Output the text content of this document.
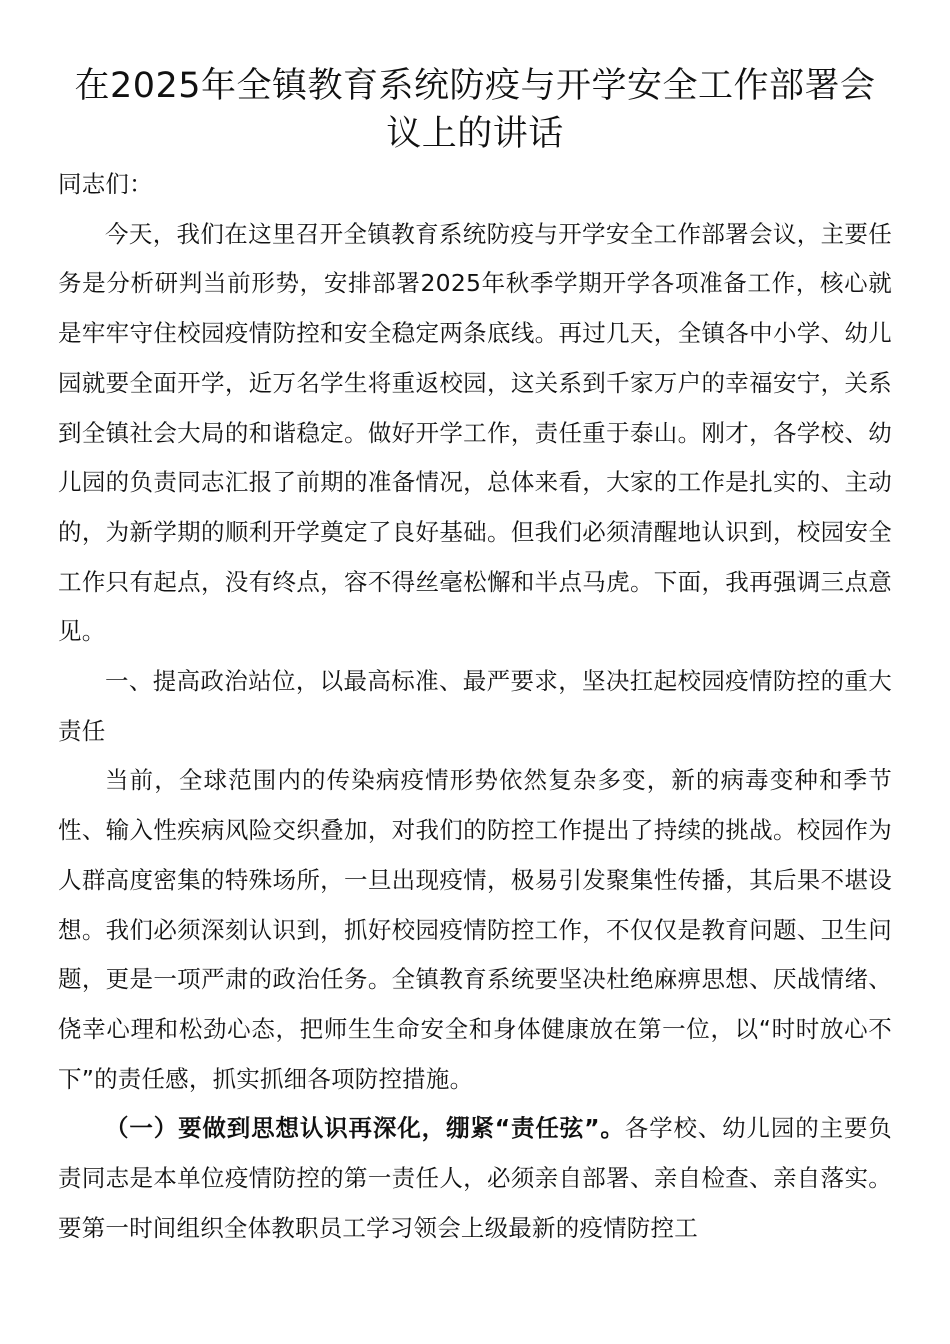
在2025年全镇教育系统防疫与开学安全工作部署会议上的讲话

同志们：

今天，我们在这里召开全镇教育系统防疫与开学安全工作部署会议，主要任务是分析研判当前形势，安排部署2025年秋季学期开学各项准备工作，核心就是牢牢守住校园疫情防控和安全稳定两条底线。再过几天，全镇各中小学、幼儿园就要全面开学，近万名学生将重返校园，这关系到千家万户的幸福安宁，关系到全镇社会大局的和谐稳定。做好开学工作，责任重于泰山。刚才，各学校、幼儿园的负责同志汇报了前期的准备情况，总体来看，大家的工作是扎实的、主动的，为新学期的顺利开学奠定了良好基础。但我们必须清醒地认识到，校园安全工作只有起点，没有终点，容不得丝毫松懈和半点马虎。下面，我再强调三点意见。

一、提高政治站位，以最高标准、最严要求，坚决扛起校园疫情防控的重大责任

当前，全球范围内的传染病疫情形势依然复杂多变，新的病毒变种和季节性、输入性疾病风险交织叠加，对我们的防控工作提出了持续的挑战。校园作为人群高度密集的特殊场所，一旦出现疫情，极易引发聚集性传播，其后果不堪设想。我们必须深刻认识到，抓好校园疫情防控工作，不仅仅是教育问题、卫生问题，更是一项严肃的政治任务。全镇教育系统要坚决杜绝麻痹思想、厌战情绪、侥幸心理和松劲心态，把师生生命安全和身体健康放在第一位，以“时时放心不下”的责任感，抓实抓细各项防控措施。

（一）要做到思想认识再深化，绷紧“责任弦”。各学校、幼儿园的主要负责同志是本单位疫情防控的第一责任人，必须亲自部署、亲自检查、亲自落实。要第一时间组织全体教职员工学习领会上级最新的疫情防控工
